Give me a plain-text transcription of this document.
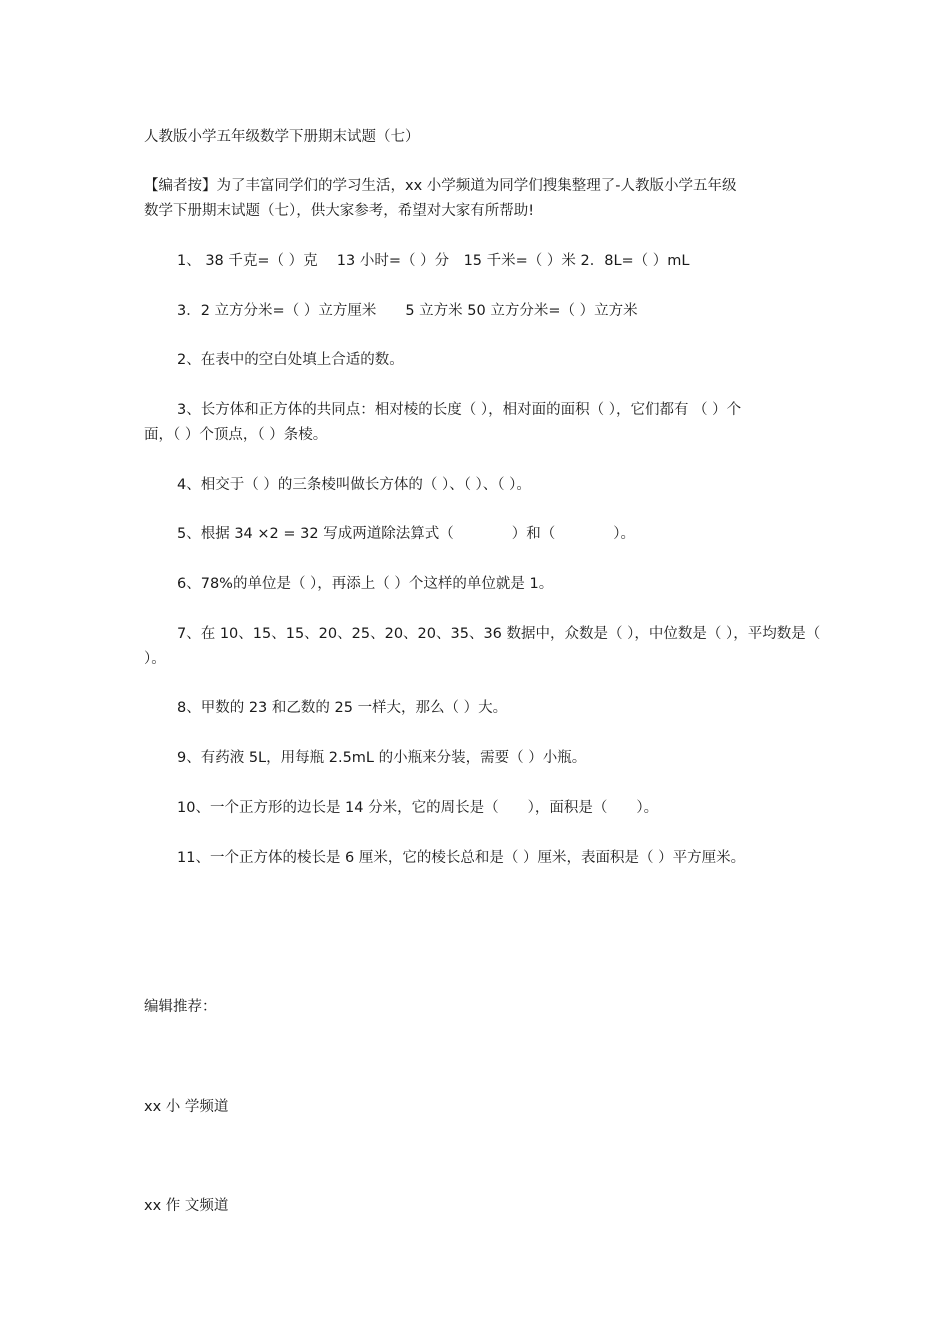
人教版小学五年级数学下册期末试题（七）
【编者按】为了丰富同学们的学习生活，xx 小学频道为同学们搜集整理了-人教版小学五年级
数学下册期末试题（七），供大家参考，希望对大家有所帮助!
1、 38 千克=（ ）克　 13 小时=（ ）分　15 千米=（ ）米 2．8L=（ ）mL
3．2 立方分米=（ ）立方厘米　　5 立方米 50 立方分米=（ ）立方米
2、在表中的空白处填上合适的数。
3、长方体和正方体的共同点：相对棱的长度（ ），相对面的面积（ ），它们都有 （ ）个
面，（ ）个顶点，（ ）条棱。
4、相交于（ ）的三条棱叫做长方体的（ ）、（ ）、（ ）。
5、根据 34 ×2 = 32 写成两道除法算式（　　　　）和（　　　　）。
6、78%的单位是（ ），再添上（ ）个这样的单位就是 1。
7、在 10、15、15、20、25、20、20、35、36 数据中，众数是（ ），中位数是（ ），平均数是（
）。
8、甲数的 23 和乙数的 25 一样大，那么（ ）大。
9、有药液 5L，用每瓶 2.5mL 的小瓶来分装，需要（ ）小瓶。
10、一个正方形的边长是 14 分米，它的周长是（　　），面积是（　　）。
11、一个正方体的棱长是 6 厘米，它的棱长总和是（ ）厘米，表面积是（ ）平方厘米。
编辑推荐：
xx 小 学频道
xx 作 文频道
